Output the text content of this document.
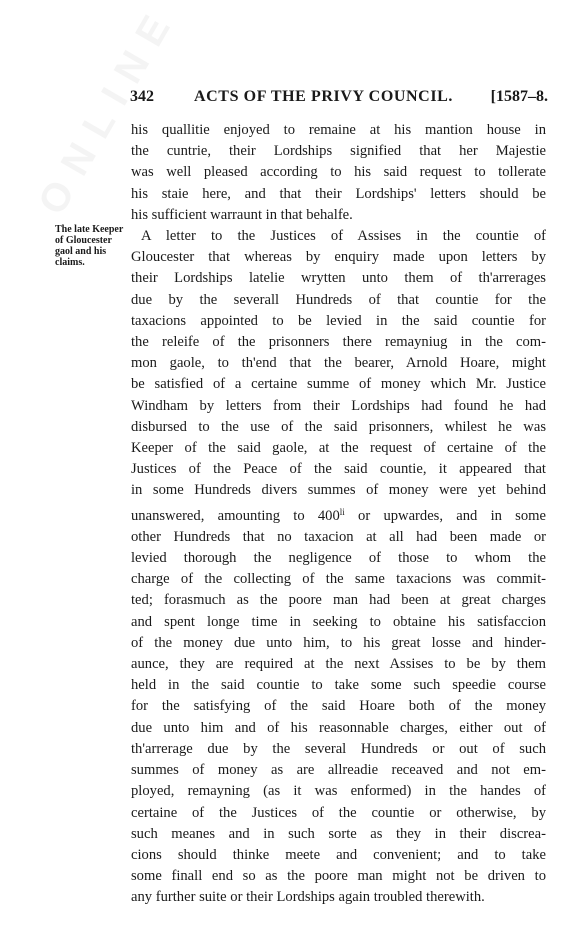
342	ACTS OF THE PRIVY COUNCIL. [1587–8.
The late Keeper
of Gloucester
gaol and his
claims.
his quallitie enjoyed to remaine at his mantion house in
the cuntrie, their Lordships signified that her Majestie
was well pleased according to his said request to tollerate
his staie here, and that their Lordships' letters should be
his sufficient warraunt in that behalfe.
A letter to the Justices of Assises in the countie of
Gloucester that whereas by enquiry made upon letters by
their Lordships latelie wrytten unto them of th'arrerages
due by the severall Hundreds of that countie for the
taxacions appointed to be levied in the said countie for
the releife of the prisonners there remayniug in the com-
mon gaole, to th'end that the bearer, Arnold Hoare, might
be satisfied of a certaine summe of money which Mr. Justice
Windham by letters from their Lordships had found he had
disbursed to the use of the said prisonners, whilest he was
Keeper of the said gaole, at the request of certaine of the
Justices of the Peace of the said countie, it appeared that
in some Hundreds divers summes of money were yet behind
unanswered, amounting to $400^{li}$ or upwardes, and in some
other Hundreds that no taxacion at all had been made or
levied thorough the negligence of those to whom the
charge of the collecting of the same taxacions was commit-
ted; forasmuch as the poore man had been at great charges
and spent longe time in seeking to obtaine his satisfaccion
of the money due unto him, to his great losse and hinder-
aunce, they are required at the next Assises to be by them
held in the said countie to take some such speedie course
for the satisfying of the said Hoare both of the money
due unto him and of his reasonnable charges, either out of
th'arrerage due by the several Hundreds or out of such
summes of money as are allreadie receaved and not em-
ployed, remayning (as it was enformed) in the handes of
certaine of the Justices of the countie or otherwise, by
such meanes and in such sorte as they in their discrea-
cions should thinke meete and convenient; and to take
some finall end so as the poore man might not be driven to
any further suite or their Lordships again troubled therewith.
